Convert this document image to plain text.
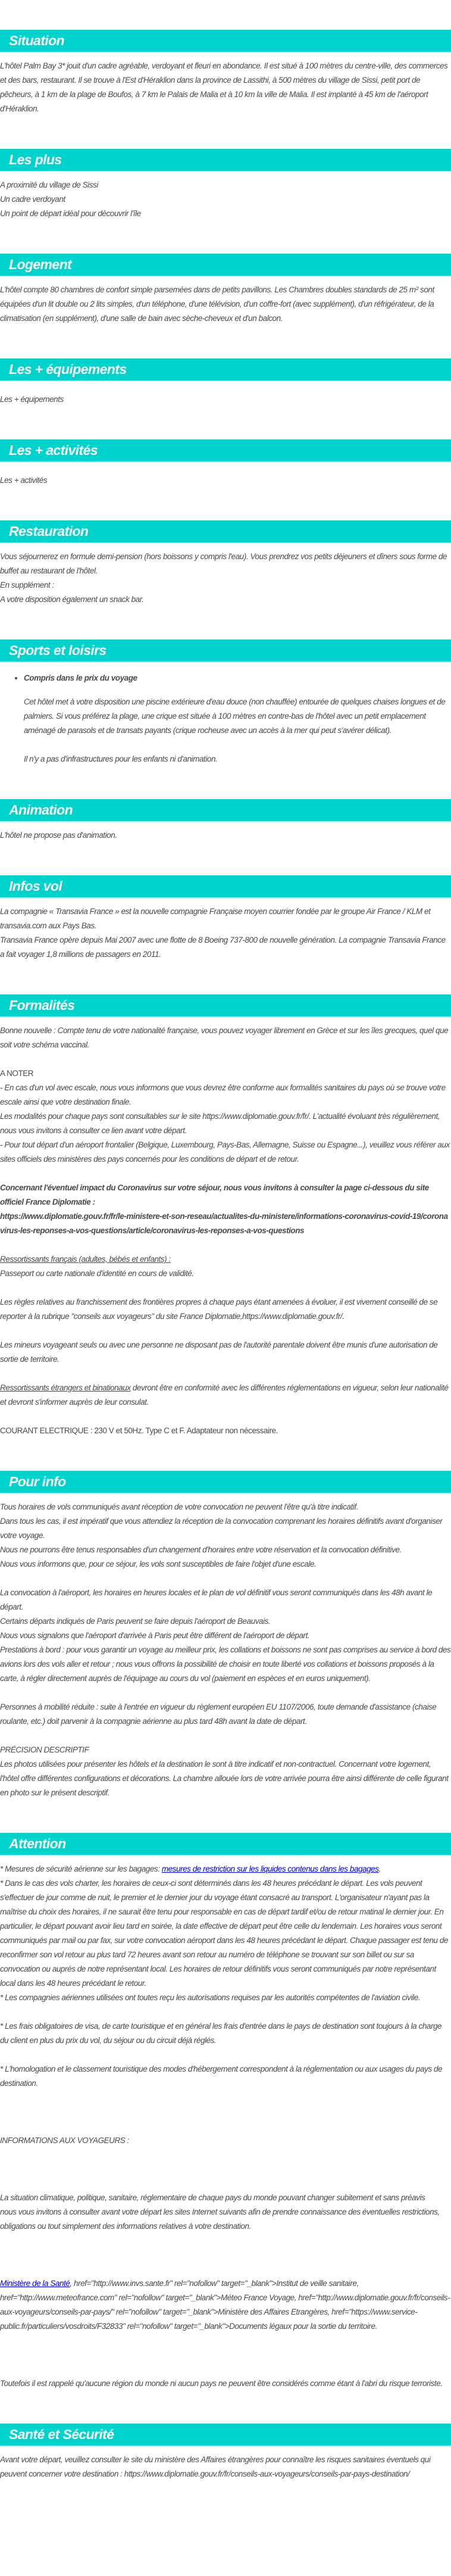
Situation

L'hôtel Palm Bay 3* jouit d'un cadre agréable, verdoyant et fleuri en abondance. Il est situé à 100 mètres du centre-ville, des commerces et des bars, restaurant. Il se trouve à l'Est d'Héraklion dans la province de Lassithi, à 500 mètres du village de Sissi, petit port de pêcheurs, à 1 km de la plage de Boufos, à 7 km le Palais de Malia et à 10 km la ville de Malia. Il est implanté à 45 km de l'aéroport d'Héraklion.

Les plus

A proximité du village de Sissi

Un cadre verdoyant

Un point de départ idéal pour découvrir l'île

Logement

L'hôtel compte 80 chambres de confort simple parsemées dans de petits pavillons. Les Chambres doubles standards de 25 m² sont équipées d'un lit double ou 2 lits simples, d'un téléphone, d'une télévision, d'un coffre-fort (avec supplément), d'un réfrigérateur, de la climatisation (en supplément), d'une salle de bain avec sèche-cheveux et d'un balcon.

Les + équipements

Les + équipements

Les + activités

Les + activités

Restauration

Vous séjournerez en formule demi-pension (hors boissons y compris l'eau). Vous prendrez vos petits déjeuners et dîners sous forme de buffet au restaurant de l'hôtel.

En supplément :

A votre disposition également un snack bar.

Sports et loisirs
• Compris dans le prix du voyage

Cet hôtel met à votre disposition une piscine extérieure d'eau douce (non chauffée) entourée de quelques chaises longues et de palmiers. Si vous préférez la plage, une crique est située à 100 mètres en contre-bas de l'hôtel avec un petit emplacement aménagé de parasols et de transats payants (crique rocheuse avec un accès à la mer qui peut s'avérer délicat).

Il n'y a pas d'infrastructures pour les enfants ni d'animation.

Animation

L'hôtel ne propose pas d'animation.

Infos vol

La compagnie « Transavia France » est la nouvelle compagnie Française moyen courrier fondée par le groupe Air France / KLM et transavia.com aux Pays Bas.

Transavia France opère depuis Mai 2007 avec une flotte de 8 Boeing 737-800 de nouvelle génération. La compagnie Transavia France a fait voyager 1,8 millions de passagers en 2011.

Formalités

Bonne nouvelle : Compte tenu de votre nationalité française, vous pouvez voyager librement en Grèce et sur les îles grecques, quel que soit votre schéma vaccinal.

A NOTER

- En cas d'un vol avec escale, nous vous informons que vous devrez être conforme aux formalités sanitaires du pays où se trouve votre escale ainsi que votre destination finale.

Les modalités pour chaque pays sont consultables sur le site https://www.diplomatie.gouv.fr/fr/. L'actualité évoluant très régulièrement, nous vous invitons à consulter ce lien avant votre départ.

- Pour tout départ d'un aéroport frontalier (Belgique, Luxembourg, Pays-Bas, Allemagne, Suisse ou Espagne...), veuillez vous référer aux sites officiels des ministères des pays concernés pour les conditions de départ et de retour.

Concernant l'éventuel impact du Coronavirus sur votre séjour, nous vous invitons à consulter la page ci-dessous du site officiel France Diplomatie :

https://www.diplomatie.gouv.fr/fr/le-ministere-et-son-reseau/actualites-du-ministere/informations-coronavirus-covid-19/coronavirus-les-reponses-a-vos-questions/article/coronavirus-les-reponses-a-vos-questions

Ressortissants français (adultes, bébés et enfants) :

Passeport ou carte nationale d'identité en cours de validité.

Les règles relatives au franchissement des frontières propres à chaque pays étant amenées à évoluer, il est vivement conseillé de se reporter à la rubrique "conseils aux voyageurs" du site France Diplomatie,https://www.diplomatie.gouv.fr/.

Les mineurs voyageant seuls ou avec une personne ne disposant pas de l'autorité parentale doivent être munis d'une autorisation de sortie de territoire.

Ressortissants étrangers et binationaux devront être en conformité avec les différentes réglementations en vigueur, selon leur nationalité et devront s'informer auprès de leur consulat.

COURANT ELECTRIQUE : 230 V et 50Hz. Type C et F. Adaptateur non nécessaire.

Pour info

Tous horaires de vols communiqués avant réception de votre convocation ne peuvent l'être qu'à titre indicatif.

Dans tous les cas, il est impératif que vous attendiez la réception de la convocation comprenant les horaires définitifs avant d'organiser votre voyage.

Nous ne pourrons être tenus responsables d'un changement d'horaires entre votre réservation et la convocation définitive.

Nous vous informons que, pour ce séjour, les vols sont susceptibles de faire l'objet d'une escale.

La convocation à l'aéroport, les horaires en heures locales et le plan de vol définitif vous seront communiqués dans les 48h avant le départ.

Certains départs indiqués de Paris peuvent se faire depuis l'aéroport de Beauvais.

Nous vous signalons que l'aéroport d'arrivée à Paris peut être différent de l'aéroport de départ.

Prestations à bord : pour vous garantir un voyage au meilleur prix, les collations et boissons ne sont pas comprises au service à bord des avions lors des vols aller et retour ; nous vous offrons la possibilité de choisir en toute liberté vos collations et boissons proposés à la carte, à régler directement auprès de l'équipage au cours du vol (paiement en espèces et en euros uniquement).

Personnes à mobilité réduite : suite à l'entrée en vigueur du règlement européen EU 1107/2006, toute demande d'assistance (chaise roulante, etc.) doit parvenir à la compagnie aérienne au plus tard 48h avant la date de départ.

PRÉCISION DESCRIPTIF

Les photos utilisées pour présenter les hôtels et la destination le sont à titre indicatif et non-contractuel. Concernant votre logement, l'hôtel offre différentes configurations et décorations. La chambre allouée lors de votre arrivée pourra être ainsi différente de celle figurant en photo sur le présent descriptif.

Attention

* Mesures de sécurité aérienne sur les bagages: mesures de restriction sur les liquides contenus dans les bagages.

* Dans le cas des vols charter, les horaires de ceux-ci sont déterminés dans les 48 heures précédant le départ. Les vols peuvent s'effectuer de jour comme de nuit, le premier et le dernier jour du voyage étant consacré au transport. L'organisateur n'ayant pas la maîtrise du choix des horaires, il ne saurait être tenu pour responsable en cas de départ tardif et/ou de retour matinal le dernier jour. En particulier, le départ pouvant avoir lieu tard en soirée, la date effective de départ peut être celle du lendemain. Les horaires vous seront communiqués par mail ou par fax, sur votre convocation aéroport dans les 48 heures précédant le départ. Chaque passager est tenu de reconfirmer son vol retour au plus tard 72 heures avant son retour au numéro de téléphone se trouvant sur son billet ou sur sa convocation ou auprés de notre représentant local. Les horaires de retour définitifs vous seront communiqués par notre représentant local dans les 48 heures précédant le retour.

* Les compagnies aériennes utilisées ont toutes reçu les autorisations requises par les autorités compétentes de l'aviation civile.

* Les frais obligatoires de visa, de carte touristique et en général les frais d'entrée dans le pays de destination sont toujours à la charge du client en plus du prix du vol, du séjour ou du circuit déjà réglés.

* L'homologation et le classement touristique des modes d'hébergement correspondent à la réglementation ou aux usages du pays de destination.

INFORMATIONS AUX VOYAGEURS :

La situation climatique, politique, sanitaire, réglementaire de chaque pays du monde pouvant changer subitement et sans préavis

nous vous invitons à consulter avant votre départ les sites Internet suivants afin de prendre connaissance des éventuelles restrictions, obligations ou tout simplement des informations relatives à votre destination.

Ministère de la Santé, href="http://www.invs.sante.fr" rel="nofollow" target="_blank">Institut de veille sanitaire, href="http://www.meteofrance.com" rel="nofollow" target="_blank">Méteo France Voyage, href="http://www.diplomatie.gouv.fr/fr/conseils-aux-voyageurs/conseils-par-pays/" rel="nofollow" target="_blank">Ministère des Affaires Etrangères, href="https://www.service-public.fr/particuliers/vosdroits/F32833" rel="nofollow" target="_blank">Documents légaux pour la sortie du territoire.

Toutefois il est rappelé qu'aucune région du monde ni aucun pays ne peuvent être considérés comme étant à l'abri du risque terroriste.

Santé et Sécurité

Avant votre départ, veuillez consulter le site du ministère des Affaires étrangères pour connaître les risques sanitaires éventuels qui peuvent concerner votre destination : https://www.diplomatie.gouv.fr/fr/conseils-aux-voyageurs/conseils-par-pays-destination/
